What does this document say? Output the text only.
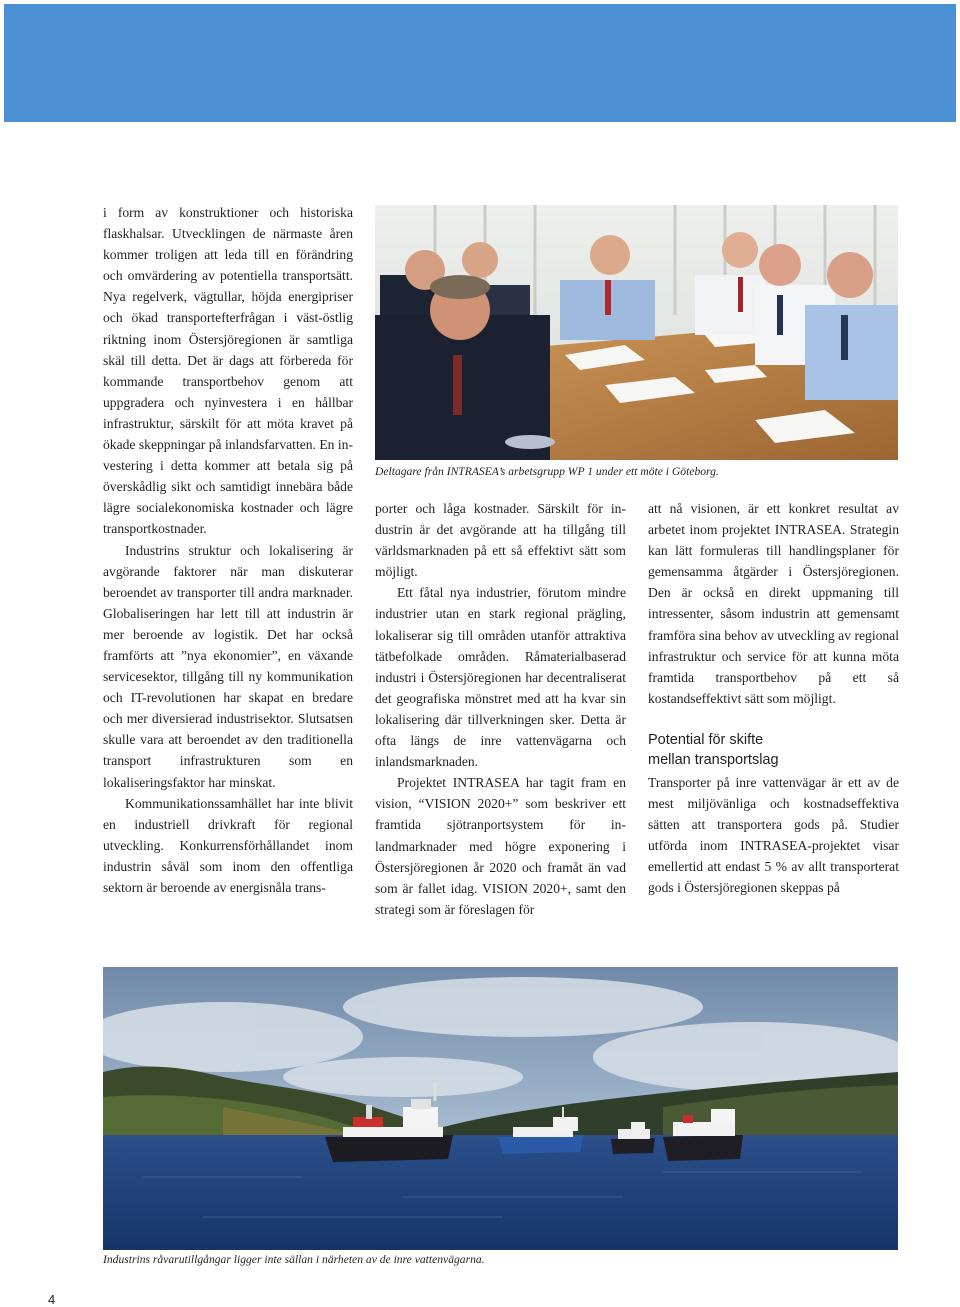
i form av konstruktioner och historiska flaskhalsar. Utvecklingen de närmaste åren kommer troligen att leda till en förändring och omvärdering av potentiella transportsätt. Nya regelverk, vägtullar, höjda energipriser och ökad transportefterfrågan i väst-östlig riktning inom Östersjöregionen är samtliga skäl till detta. Det är dags att förbereda för kommande transportbehov genom att uppgradera och nyinvestera i en hållbar infrastruktur, särskilt för att möta kravet på ökade skeppningar på inlandsfarvatten. En investering i detta kommer att betala sig på överskådlig sikt och samtidigt innebära både lägre socialekonomiska kostnader och lägre transportkostnader.

Industrins struktur och lokalisering är avgörande faktorer när man diskuterar beroendet av transporter till andra marknader. Globaliseringen har lett till att industrin är mer beroende av logistik. Det har också framförts att ”nya ekonomier”, en växande servicesektor, tillgång till ny kommunikation och IT-revolutionen har skapat en bredare och mer diversierad industrisektor. Slutsatsen skulle vara att beroendet av den traditionella transport infrastrukturen som en lokaliseringsfaktor har minskat.

Kommunikationssamhället har inte blivit en industriell drivkraft för regional utveckling. Konkurrensförhållandet inom industrin såväl som inom den offentliga sektorn är beroende av energisnåla trans-

Deltagare från INTRASEA’s arbetsgrupp WP 1 under ett möte i Göteborg.

porter och låga kostnader. Särskilt för industrin är det avgörande att ha tillgång till världsmarknaden på ett så effektivt sätt som möjligt.

Ett fåtal nya industrier, förutom mindre industrier utan en stark regional prägling, lokaliserar sig till områden utanför attraktiva tätbefolkade områden. Råmaterialbaserad industri i Östersjöregionen har decentraliserat det geografiska mönstret med att ha kvar sin lokalisering där tillverkningen sker. Detta är ofta längs de inre vattenvägarna och inlandsmarknaden.

Projektet INTRASEA har tagit fram en vision, “VISION 2020+” som beskriver ett framtida sjötranportsystem för inlandmarknader med högre exponering i Östersjöregionen år 2020 och framåt än vad som är fallet idag. VISION 2020+, samt den strategi som är föreslagen för

att nå visionen, är ett konkret resultat av arbetet inom projektet INTRASEA. Strategin kan lätt formuleras till handlingsplaner för gemensamma åtgärder i Östersjöregionen. Den är också en direkt uppmaning till intressenter, såsom industrin att gemensamt framföra sina behov av utveckling av regional infrastruktur och service för att kunna möta framtida transportbehov på ett så kostandseffektivt sätt som möjligt.

Potential för skifte
mellan transportslag

Transporter på inre vattenvägar är ett av de mest miljövänliga och kostnadseffektiva sätten att transportera gods på. Studier utförda inom INTRASEA-projektet visar emellertid att endast 5 % av allt transporterat gods i Östersjöregionen skeppas på

Industrins råvarutillgångar ligger inte sällan i närheten av de inre vattenvägarna.
4
